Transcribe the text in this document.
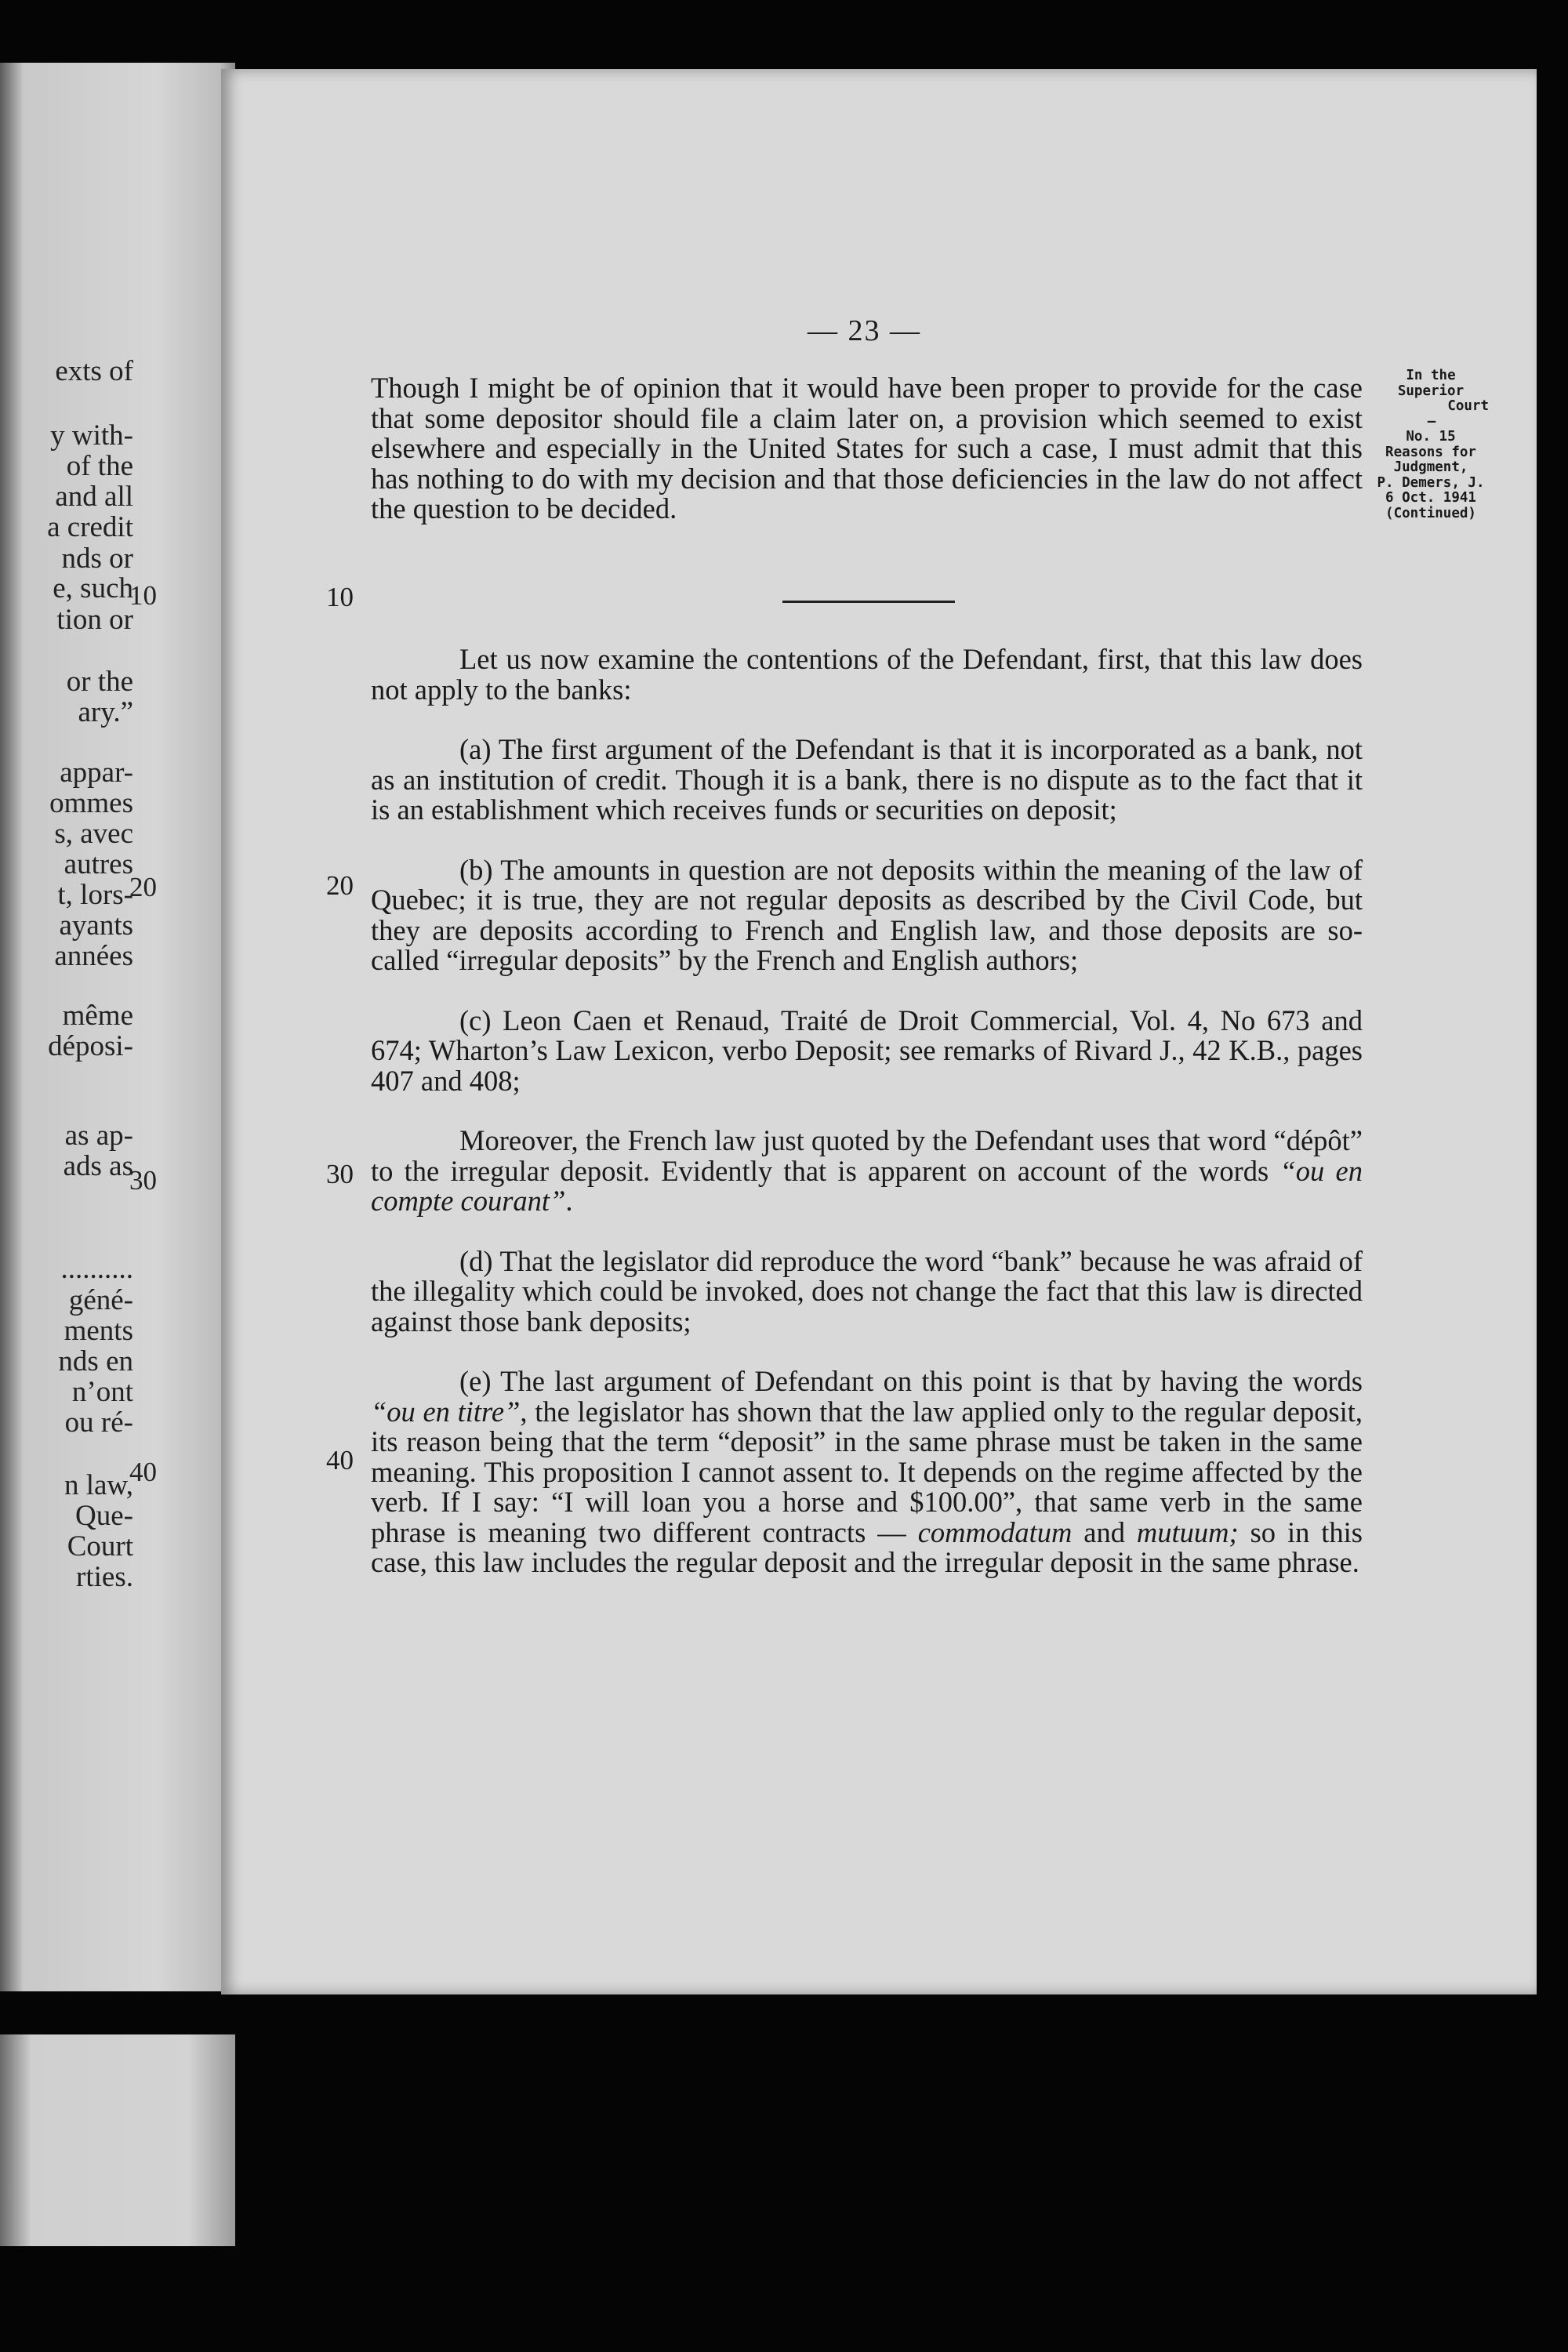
exts of
y with-
of the
and all
a credit
nds or
e, such
tion or
or the
ary.”
appar-
ommes
s, avec
autres
t, lors-
ayants
années
même
déposi-
as ap-
ads as
..........
géné-
ments
nds en
n’ont
ou ré-
n law,
Que-
Court
rties.
10
20
30
40
— 23 —
In the
Superior
Court
—
No. 15
Reasons for
Judgment,
P. Demers, J.
6 Oct. 1941
(Continued)
10
20
30
40

Though I might be of opinion that it would have been proper to provide for the case that some depositor should file a claim later on, a provision which seemed to exist elsewhere and especially in the United States for such a case, I must admit that this has nothing to do with my decision and that those deficiencies in the law do not affect the question to be decided.

Let us now examine the contentions of the Defendant, first, that this law does not apply to the banks:

(a) The first argument of the Defendant is that it is incorporated as a bank, not as an institution of credit. Though it is a bank, there is no dispute as to the fact that it is an establishment which receives funds or securities on deposit;

(b) The amounts in question are not deposits within the meaning of the law of Quebec; it is true, they are not regular deposits as described by the Civil Code, but they are deposits according to French and English law, and those deposits are so-called “irregular deposits” by the French and English authors;

(c) Leon Caen et Renaud, Traité de Droit Commercial, Vol. 4, No 673 and 674; Wharton’s Law Lexicon, verbo Deposit; see remarks of Rivard J., 42 K.B., pages 407 and 408;

Moreover, the French law just quoted by the Defendant uses that word “dépôt” to the irregular deposit. Evidently that is apparent on account of the words “ou en compte courant”.

(d) That the legislator did reproduce the word “bank” because he was afraid of the illegality which could be invoked, does not change the fact that this law is directed against those bank deposits;

(e) The last argument of Defendant on this point is that by having the words “ou en titre”, the legislator has shown that the law applied only to the regular deposit, its reason being that the term “deposit” in the same phrase must be taken in the same meaning. This proposition I cannot assent to. It depends on the regime affected by the verb. If I say: “I will loan you a horse and $100.00”, that same verb in the same phrase is meaning two different contracts — commodatum and mutuum; so in this case, this law includes the regular deposit and the irregular deposit in the same phrase.
